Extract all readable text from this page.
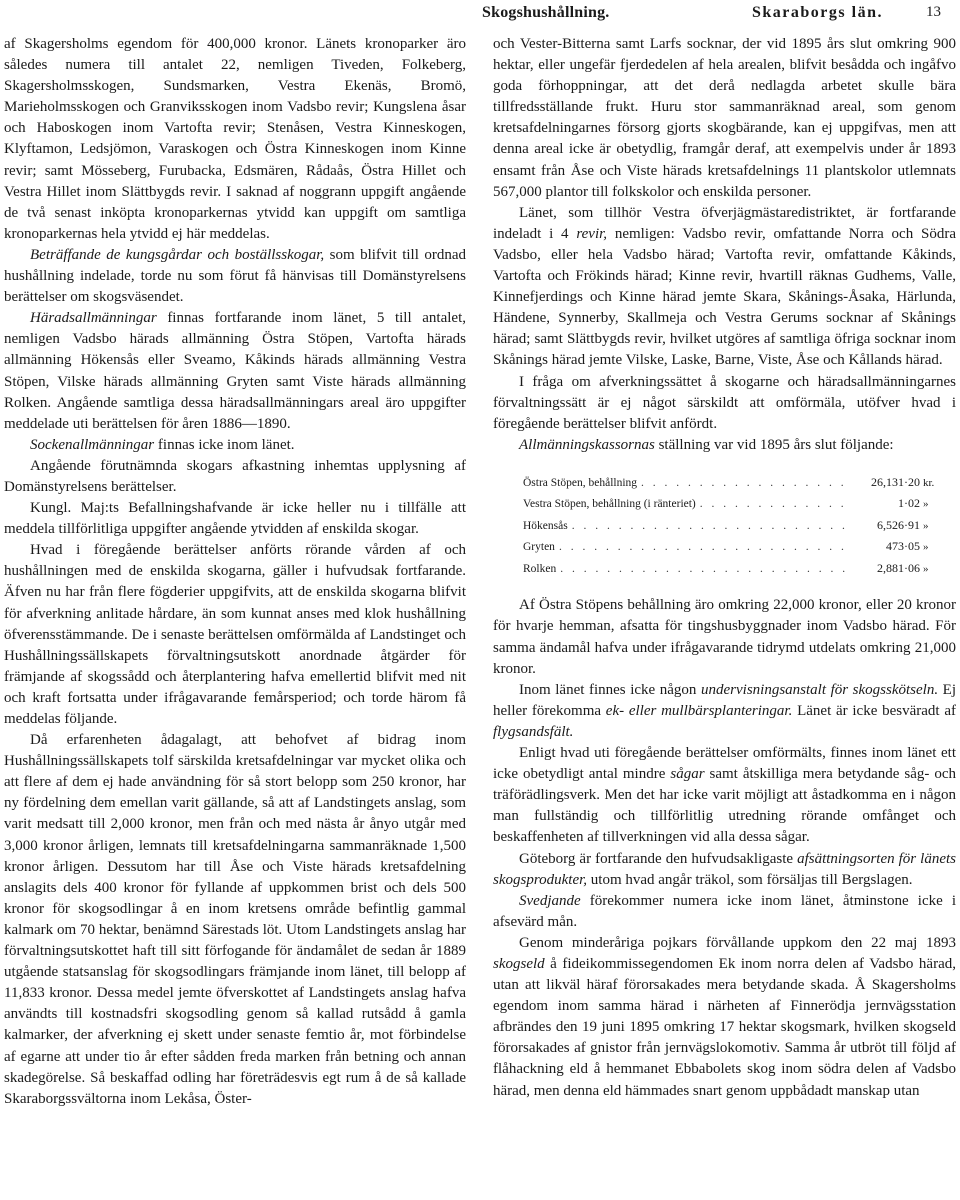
Skogshushållning.	Skaraborgs län.	13

af Skagersholms egendom för 400,000 kronor. Länets kronoparker äro således numera till antalet 22, nemligen Tiveden, Folkeberg, Skagersholmsskogen, Sundsmarken, Vestra Ekenäs, Bromö, Marieholmsskogen och Granviksskogen inom Vadsbo revir; Kungslena åsar och Haboskogen inom Vartofta revir; Stenåsen, Vestra Kinneskogen, Klyftamon, Ledsjömon, Varaskogen och Östra Kinneskogen inom Kinne revir; samt Mösseberg, Furubacka, Edsmären, Rådaås, Östra Hillet och Vestra Hillet inom Slättbygds revir. I saknad af noggrann uppgift angående de två senast inköpta kronoparkernas ytvidd kan uppgift om samtliga kronoparkernas hela ytvidd ej här meddelas.

Beträffande de kungsgårdar och boställsskogar, som blifvit till ordnad hushållning indelade, torde nu som förut få hänvisas till Domänstyrelsens berättelser om skogsväsendet.

Häradsallmänningar finnas fortfarande inom länet, 5 till antalet, nemligen Vadsbo härads allmänning Östra Stöpen, Vartofta härads allmänning Hökensås eller Sveamo, Kåkinds härads allmänning Vestra Stöpen, Vilske härads allmänning Gryten samt Viste härads allmänning Rolken. Angående samtliga dessa häradsallmänningars areal äro uppgifter meddelade uti berättelsen för åren 1886—1890.

Sockenallmänningar finnas icke inom länet.

Angående förutnämnda skogars afkastning inhemtas upplysning af Domänstyrelsens berättelser.

Kungl. Maj:ts Befallningshafvande är icke heller nu i tillfälle att meddela tillförlitliga uppgifter angående ytvidden af enskilda skogar.

Hvad i föregående berättelser anförts rörande vården af och hushållningen med de enskilda skogarna, gäller i hufvudsak fortfarande. Äfven nu har från flere fögderier uppgifvits, att de enskilda skogarna blifvit för afverkning anlitade hårdare, än som kunnat anses med klok hushållning öfverensstämmande. De i senaste berättelsen omförmälda af Landstinget och Hushållningssällskapets förvaltningsutskott anordnade åtgärder för främjande af skogssådd och återplantering hafva emellertid blifvit med nit och kraft fortsatta under ifrågavarande femårsperiod; och torde härom få meddelas följande.

Då erfarenheten ådagalagt, att behofvet af bidrag inom Hushållningssällskapets tolf särskilda kretsafdelningar var mycket olika och att flere af dem ej hade användning för så stort belopp som 250 kronor, har ny fördelning dem emellan varit gällande, så att af Landstingets anslag, som varit medsatt till 2,000 kronor, men från och med nästa år ånyo utgår med 3,000 kronor årligen, lemnats till kretsafdelningarna sammanräknade 1,500 kronor årligen. Dessutom har till Åse och Viste härads kretsafdelning anslagits dels 400 kronor för fyllande af uppkommen brist och dels 500 kronor för skogsodlingar å en inom kretsens område befintlig gammal kalmark om 70 hektar, benämnd Särestads löt. Utom Landstingets anslag har förvaltningsutskottet haft till sitt förfogande för ändamålet de sedan år 1889 utgående statsanslag för skogsodlingars främjande inom länet, till belopp af 11,833 kronor. Dessa medel jemte öfverskottet af Landstingets anslag hafva användts till kostnadsfri skogsodling genom så kallad rutsådd å gamla kalmarker, der afverkning ej skett under senaste femtio år, mot förbindelse af egarne att under tio år efter sådden freda marken från betning och annan skadegörelse. Så beskaffad odling har företrädesvis egt rum å de så kallade Skaraborgssvältorna inom Lekåsa, Öster-

och Vester-Bitterna samt Larfs socknar, der vid 1895 års slut omkring 900 hektar, eller ungefär fjerdedelen af hela arealen, blifvit besådda och ingåfvo goda förhoppningar, att det derå nedlagda arbetet skulle bära tillfredsställande frukt. Huru stor sammanräknad areal, som genom kretsafdelningarnes försorg gjorts skogbärande, kan ej uppgifvas, men att denna areal icke är obetydlig, framgår deraf, att exempelvis under år 1893 ensamt från Åse och Viste härads kretsafdelnings 11 plantskolor utlemnats 567,000 plantor till folkskolor och enskilda personer.

Länet, som tillhör Vestra öfverjägmästaredistriktet, är fortfarande indeladt i 4 revir, nemligen: Vadsbo revir, omfattande Norra och Södra Vadsbo, eller hela Vadsbo härad; Vartofta revir, omfattande Kåkinds, Vartofta och Frökinds härad; Kinne revir, hvartill räknas Gudhems, Valle, Kinnefjerdings och Kinne härad jemte Skara, Skånings-Åsaka, Härlunda, Händene, Synnerby, Skallmeja och Vestra Gerums socknar af Skånings härad; samt Slättbygds revir, hvilket utgöres af samtliga öfriga socknar inom Skånings härad jemte Vilske, Laske, Barne, Viste, Åse och Kållands härad.

I fråga om afverkningssättet å skogarne och häradsallmänningarnes förvaltningssätt är ej något särskildt att omförmäla, utöfver hvad i föregående berättelser blifvit anfördt.

Allmänningskassornas ställning var vid 1895 års slut följande:

Östra Stöpen, behållning . . .	26,131·20 kr.
Vestra Stöpen, behållning (i ränteriet) . . .	1·02 »
Hökensås . . .	6,526·91 »
Gryten . . .	473·05 »
Rolken . . .	2,881·06 »

Af Östra Stöpens behållning äro omkring 22,000 kronor, eller 20 kronor för hvarje hemman, afsatta för tingshusbyggnader inom Vadsbo härad. För samma ändamål hafva under ifrågavarande tidrymd utdelats omkring 21,000 kronor.

Inom länet finnes icke någon undervisningsanstalt för skogsskötseln. Ej heller förekomma ek- eller mullbärsplanteringar. Länet är icke besväradt af flygsandsfält.

Enligt hvad uti föregående berättelser omförmälts, finnes inom länet ett icke obetydligt antal mindre sågar samt åtskilliga mera betydande såg- och träförädlingsverk. Men det har icke varit möjligt att åstadkomma en i någon man fullständig och tillförlitlig utredning rörande omfånget och beskaffenheten af tillverkningen vid alla dessa sågar.

Göteborg är fortfarande den hufvudsakligaste afsättningsorten för länets skogsprodukter, utom hvad angår träkol, som försäljas till Bergslagen.

Svedjande förekommer numera icke inom länet, åtminstone icke i afsevärd mån.

Genom minderåriga pojkars förvållande uppkom den 22 maj 1893 skogseld å fideikommissegendomen Ek inom norra delen af Vadsbo härad, utan att likväl häraf förorsakades mera betydande skada. Å Skagersholms egendom inom samma härad i närheten af Finnerödja jernvägsstation afbrändes den 19 juni 1895 omkring 17 hektar skogsmark, hvilken skogseld förorsakades af gnistor från jernvägslokomotiv. Samma år utbröt till följd af flåhackning eld å hemmanet Ebbabolets skog inom södra delen af Vadsbo härad, men denna eld hämmades snart genom uppbådadt manskap utan
